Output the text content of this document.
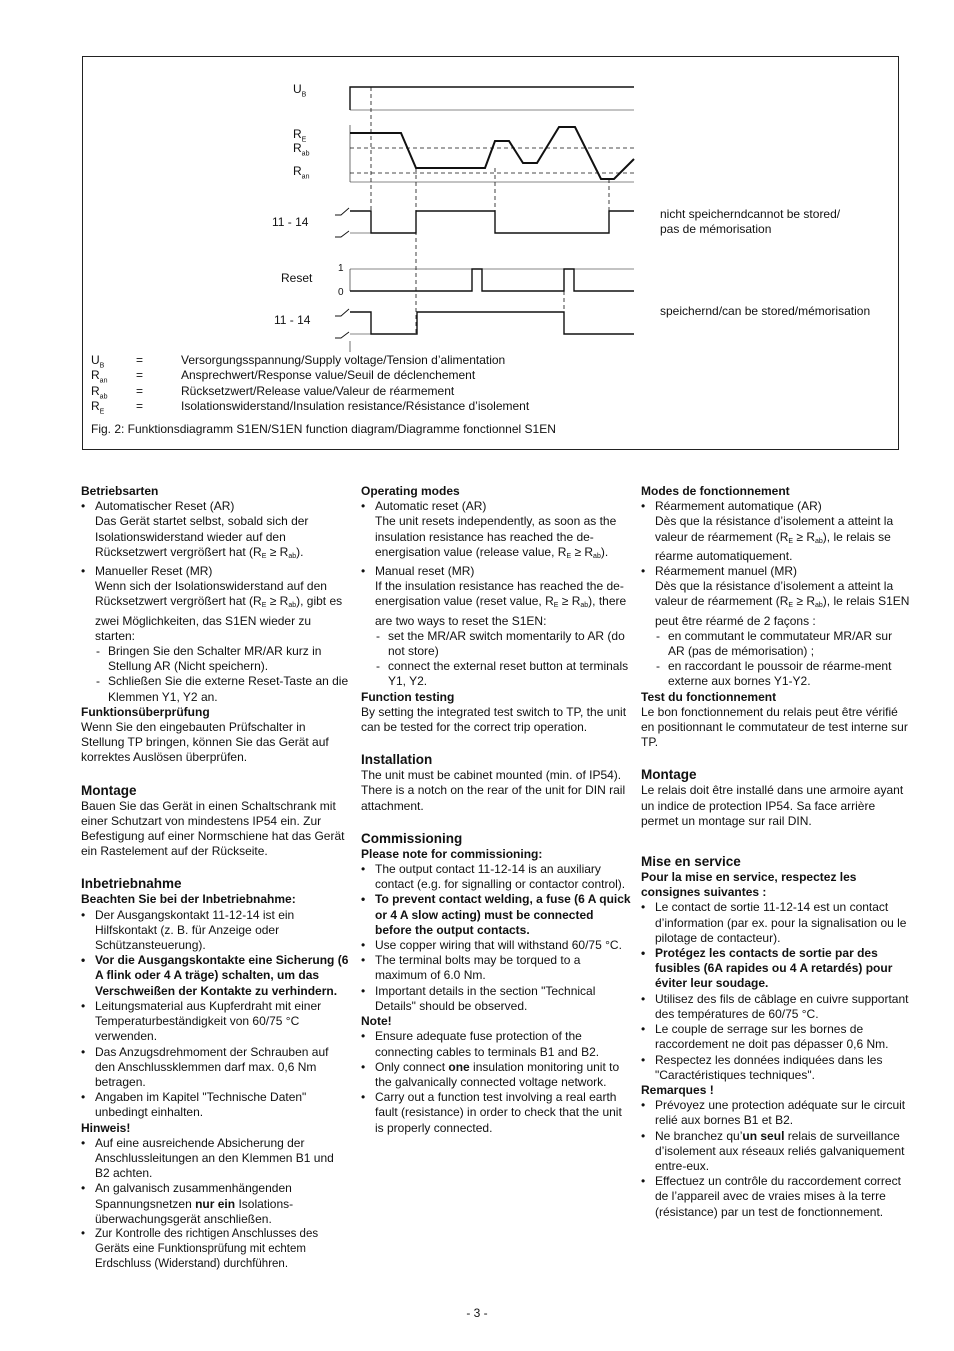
$U_B$
$R_E$
$R_{ab}$
$R_{an}$
11 - 14
Reset
1
0
11 - 14
nicht speicherndcannot be stored/
pas de mémorisation
speichernd/can be stored/mémorisation
$U_B$	=	Versorgungsspannung/Supply voltage/Tension d’alimentation
$R_{an}$	=	Ansprechwert/Response value/Seuil de déclenchement
$R_{ab}$	=	Rücksetzwert/Release value/Valeur de réarmement
$R_E$	=	Isolationswiderstand/Insulation resistance/Résistance d’isolement
Fig. 2: Funktionsdiagramm S1EN/S1EN function diagram/Diagramme fonctionnel S1EN

Betriebsarten

• Automatischer Reset (AR)
Das Gerät startet selbst, sobald sich der Isolationswiderstand wieder auf den Rücksetzwert vergrößert hat $(R_E \ge R_{ab})$.
• Manueller Reset (MR)
Wenn sich der Isolationswiderstand auf den Rücksetzwert vergrößert hat $(R_E \ge R_{ab})$, gibt es zwei Möglichkeiten, das S1EN wieder zu starten:
- Bringen Sie den Schalter MR/AR kurz in Stellung AR (Nicht speichern).
- Schließen Sie die externe Reset-Taste an die Klemmen Y1, Y2 an.

Funktionsüberprüfung

Wenn Sie den eingebauten Prüfschalter in Stellung TP bringen, können Sie das Gerät auf korrektes Auslösen überprüfen.

Montage

Bauen Sie das Gerät in einen Schaltschrank mit einer Schutzart von mindestens IP54 ein. Zur Befestigung auf einer Normschiene hat das Gerät ein Rastelement auf der Rückseite.

Inbetriebnahme

Beachten Sie bei der Inbetriebnahme:

• Der Ausgangskontakt 11-12-14 ist ein Hilfskontakt (z. B. für Anzeige oder Schützansteuerung).
• Vor die Ausgangskontakte eine Sicherung (6 A flink oder 4 A träge) schalten, um das Verschweißen der Kontakte zu verhindern.
• Leitungsmaterial aus Kupferdraht mit einer Temperaturbeständigkeit von 60/75 °C verwenden.
• Das Anzugsdrehmoment der Schrauben auf den Anschlussklemmen darf max. 0,6 Nm betragen.
• Angaben im Kapitel "Technische Daten" unbedingt einhalten.

Hinweis!

• Auf eine ausreichende Absicherung der Anschlussleitungen an den Klemmen B1 und B2 achten.
• An galvanisch zusammenhängenden Spannungsnetzen nur ein Isolations-überwachungsgerät anschließen.
• Zur Kontrolle des richtigen Anschlusses des Geräts eine Funktionsprüfung mit echtem Erdschluss (Widerstand) durchführen.

Operating modes

• Automatic reset (AR)
The unit resets independently, as soon as the insulation resistance has reached the de-energisation value (release value, $R_E \ge R_{ab}$).
• Manual reset (MR)
If the insulation resistance has reached the de-energisation value (reset value, $R_E \ge R_{ab}$), there are two ways to reset the S1EN:
- set the MR/AR switch momentarily to AR (do not store)
- connect the external reset button at terminals Y1, Y2.

Function testing

By setting the integrated test switch to TP, the unit can be tested for the correct trip operation.

Installation

The unit must be cabinet mounted (min. of IP54). There is a notch on the rear of the unit for DIN rail attachment.

Commissioning

Please note for commissioning:

• The output contact 11-12-14 is an auxiliary contact (e.g. for signalling or contactor control).
• To prevent contact welding, a fuse (6 A quick or 4 A slow acting) must be connected before the output contacts.
• Use copper wiring that will withstand 60/75 °C.
• The terminal bolts may be torqued to a maximum of 6.0 Nm.
• Important details in the section "Technical Details" should be observed.

Note!

• Ensure adequate fuse protection of the connecting cables to terminals B1 and B2.
• Only connect one insulation monitoring unit to the galvanically connected voltage network.
• Carry out a function test involving a real earth fault (resistance) in order to check that the unit is properly connected.

Modes de fonctionnement

• Réarmement automatique (AR)
Dès que la résistance d’isolement a atteint la valeur de réarmement $(R_E \ge R_{ab})$, le relais se réarme automatiquement.
• Réarmement manuel (MR)
Dès que la résistance d’isolement a atteint la valeur de réarmement $(R_E \ge R_{ab})$, le relais S1EN peut être réarmé de 2 façons :
- en commutant le commutateur MR/AR sur AR (pas de mémorisation) ;
- en raccordant le poussoir de réarme-ment externe aux bornes Y1-Y2.

Test du fonctionnement

Le bon fonctionnement du relais peut être vérifié en positionnant le commutateur de test interne sur TP.

Montage

Le relais doit être installé dans une armoire ayant un indice de protection IP54. Sa face arrière permet un montage sur rail DIN.

Mise en service

Pour la mise en service, respectez les consignes suivantes :

• Le contact de sortie 11-12-14 est un contact d’information (par ex. pour la signalisation ou le pilotage de contacteur).
• Protégez les contacts de sortie par des fusibles (6A rapides ou 4 A retardés) pour éviter leur soudage.
• Utilisez des fils de câblage en cuivre supportant des températures de 60/75 °C.
• Le couple de serrage sur les bornes de raccordement ne doit pas dépasser 0,6 Nm.
• Respectez les données indiquées dans les "Caractéristiques techniques".

Remarques !

• Prévoyez une protection adéquate sur le circuit relié aux bornes B1 et B2.
• Ne branchez qu’un seul relais de surveillance d’isolement aux réseaux reliés galvaniquement entre-eux.
• Effectuez un contrôle du raccordement correct de l’appareil avec de vraies mises à la terre (résistance) par un test de fonctionnement.
- 3 -
